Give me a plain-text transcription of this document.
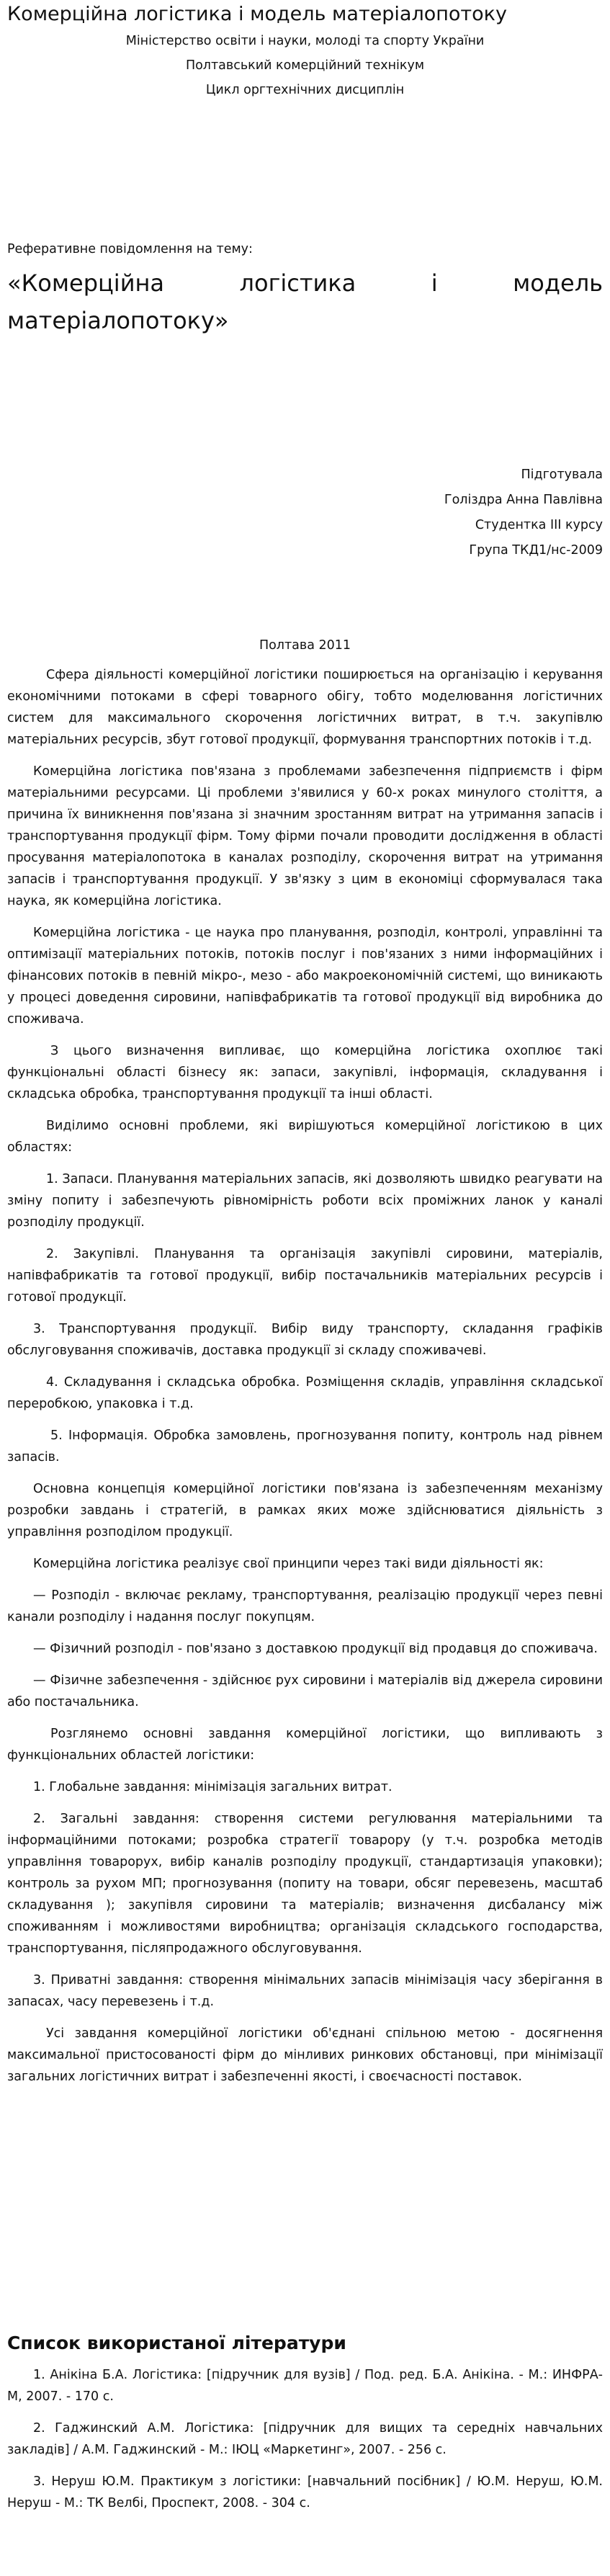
Комерційна логістика і модель матеріалопотоку
Міністерство освіти і науки, молоді та спорту України
Полтавський комерційний технікум
Цикл оргтехнічних дисциплін
Реферативне повідомлення на тему:
«Комерційна логістика і модель матеріалопотоку»
Підготувала
Голіздра Анна Павлівна
Студентка ІІІ курсу
Група ТКД1/нс-2009
Полтава 2011

Сфера діяльності комерційної логістики поширюється на організацію і керування економічними потоками в сфері товарного обігу, тобто моделювання логістичних систем для максимального скорочення логістичних витрат, в т.ч. закупівлю матеріальних ресурсів, збут готової продукції, формування транспортних потоків і т.д.

Комерційна логістика пов'язана з проблемами забезпечення підприємств і фірм матеріальними ресурсами. Ці проблеми з'явилися у 60-х роках минулого століття, а причина їх виникнення пов'язана зі значним зростанням витрат на утримання запасів і транспортування продукції фірм. Тому фірми почали проводити дослідження в області просування матеріалопотока в каналах розподілу, скорочення витрат на утримання запасів і транспортування продукції. У зв'язку з цим в економіці сформувалася така наука, як комерційна логістика.

Комерційна логістика - це наука про планування, розподіл, контролі, управлінні та оптимізації матеріальних потоків, потоків послуг і пов'язаних з ними інформаційних і фінансових потоків в певній мікро-, мезо - або макроекономічній системі, що виникають у процесі доведення сировини, напівфабрикатів та готової продукції від виробника до споживача.

З цього визначення випливає, що комерційна логістика охоплює такі функціональні області бізнесу як: запаси, закупівлі, інформація, складування і складська обробка, транспортування продукції та інші області.

Виділимо основні проблеми, які вирішуються комерційної логістикою в цих областях:

1. Запаси. Планування матеріальних запасів, які дозволяють швидко реагувати на зміну попиту і забезпечують рівномірність роботи всіх проміжних ланок у каналі розподілу продукції.

2. Закупівлі. Планування та організація закупівлі сировини, матеріалів, напівфабрикатів та готової продукції, вибір постачальників матеріальних ресурсів і готової продукції.

3. Транспортування продукції. Вибір виду транспорту, складання графіків обслуговування споживачів, доставка продукції зі складу споживачеві.

4. Складування і складська обробка. Розміщення складів, управління складської переробкою, упаковка і т.д.

5. Інформація. Обробка замовлень, прогнозування попиту, контроль над рівнем запасів.

Основна концепція комерційної логістики пов'язана із забезпеченням механізму розробки завдань і стратегій, в рамках яких може здійснюватися діяльність з управління розподілом продукції.

Комерційна логістика реалізує свої принципи через такі види діяльності як:

— Розподіл - включає рекламу, транспортування, реалізацію продукції через певні канали розподілу і надання послуг покупцям.

— Фізичний розподіл - пов'язано з доставкою продукції від продавця до споживача.

— Фізичне забезпечення - здійснює рух сировини і матеріалів від джерела сировини або постачальника.

Розглянемо основні завдання комерційної логістики, що випливають з функціональних областей логістики:

1. Глобальне завдання: мінімізація загальних витрат.

2. Загальні завдання: створення системи регулювання матеріальними та інформаційними потоками; розробка стратегії товарору (у т.ч. розробка методів управління товарорух, вибір каналів розподілу продукції, стандартизація упаковки); контроль за рухом МП; прогнозування (попиту на товари, обсяг перевезень, масштаб складування ); закупівля сировини та матеріалів; визначення дисбалансу між споживанням і можливостями виробництва; організація складського господарства, транспортування, післяпродажного обслуговування.

3. Приватні завдання: створення мінімальних запасів мінімізація часу зберігання в запасах, часу перевезень і т.д.

Усі завдання комерційної логістики об'єднані спільною метою - досягнення максимальної пристосованості фірм до мінливих ринкових обстановці, при мінімізації загальних логістичних витрат і забезпеченні якості, і своєчасності поставок.

Список використаної літератури

1. Анікіна Б.А. Логістика: [підручник для вузів] / Под. ред. Б.А. Анікіна. - М.: ИНФРА-М, 2007. - 170 с.

2. Гаджинский А.М. Логістика: [підручник для вищих та середніх навчальних закладів] / А.М. Гаджинский - М.: ІЮЦ «Маркетинг», 2007. - 256 с.

3. Неруш Ю.М. Практикум з логістики: [навчальний посібник] / Ю.М. Неруш, Ю.М. Неруш - М.: ТК Велбі, Проспект, 2008. - 304 с.
